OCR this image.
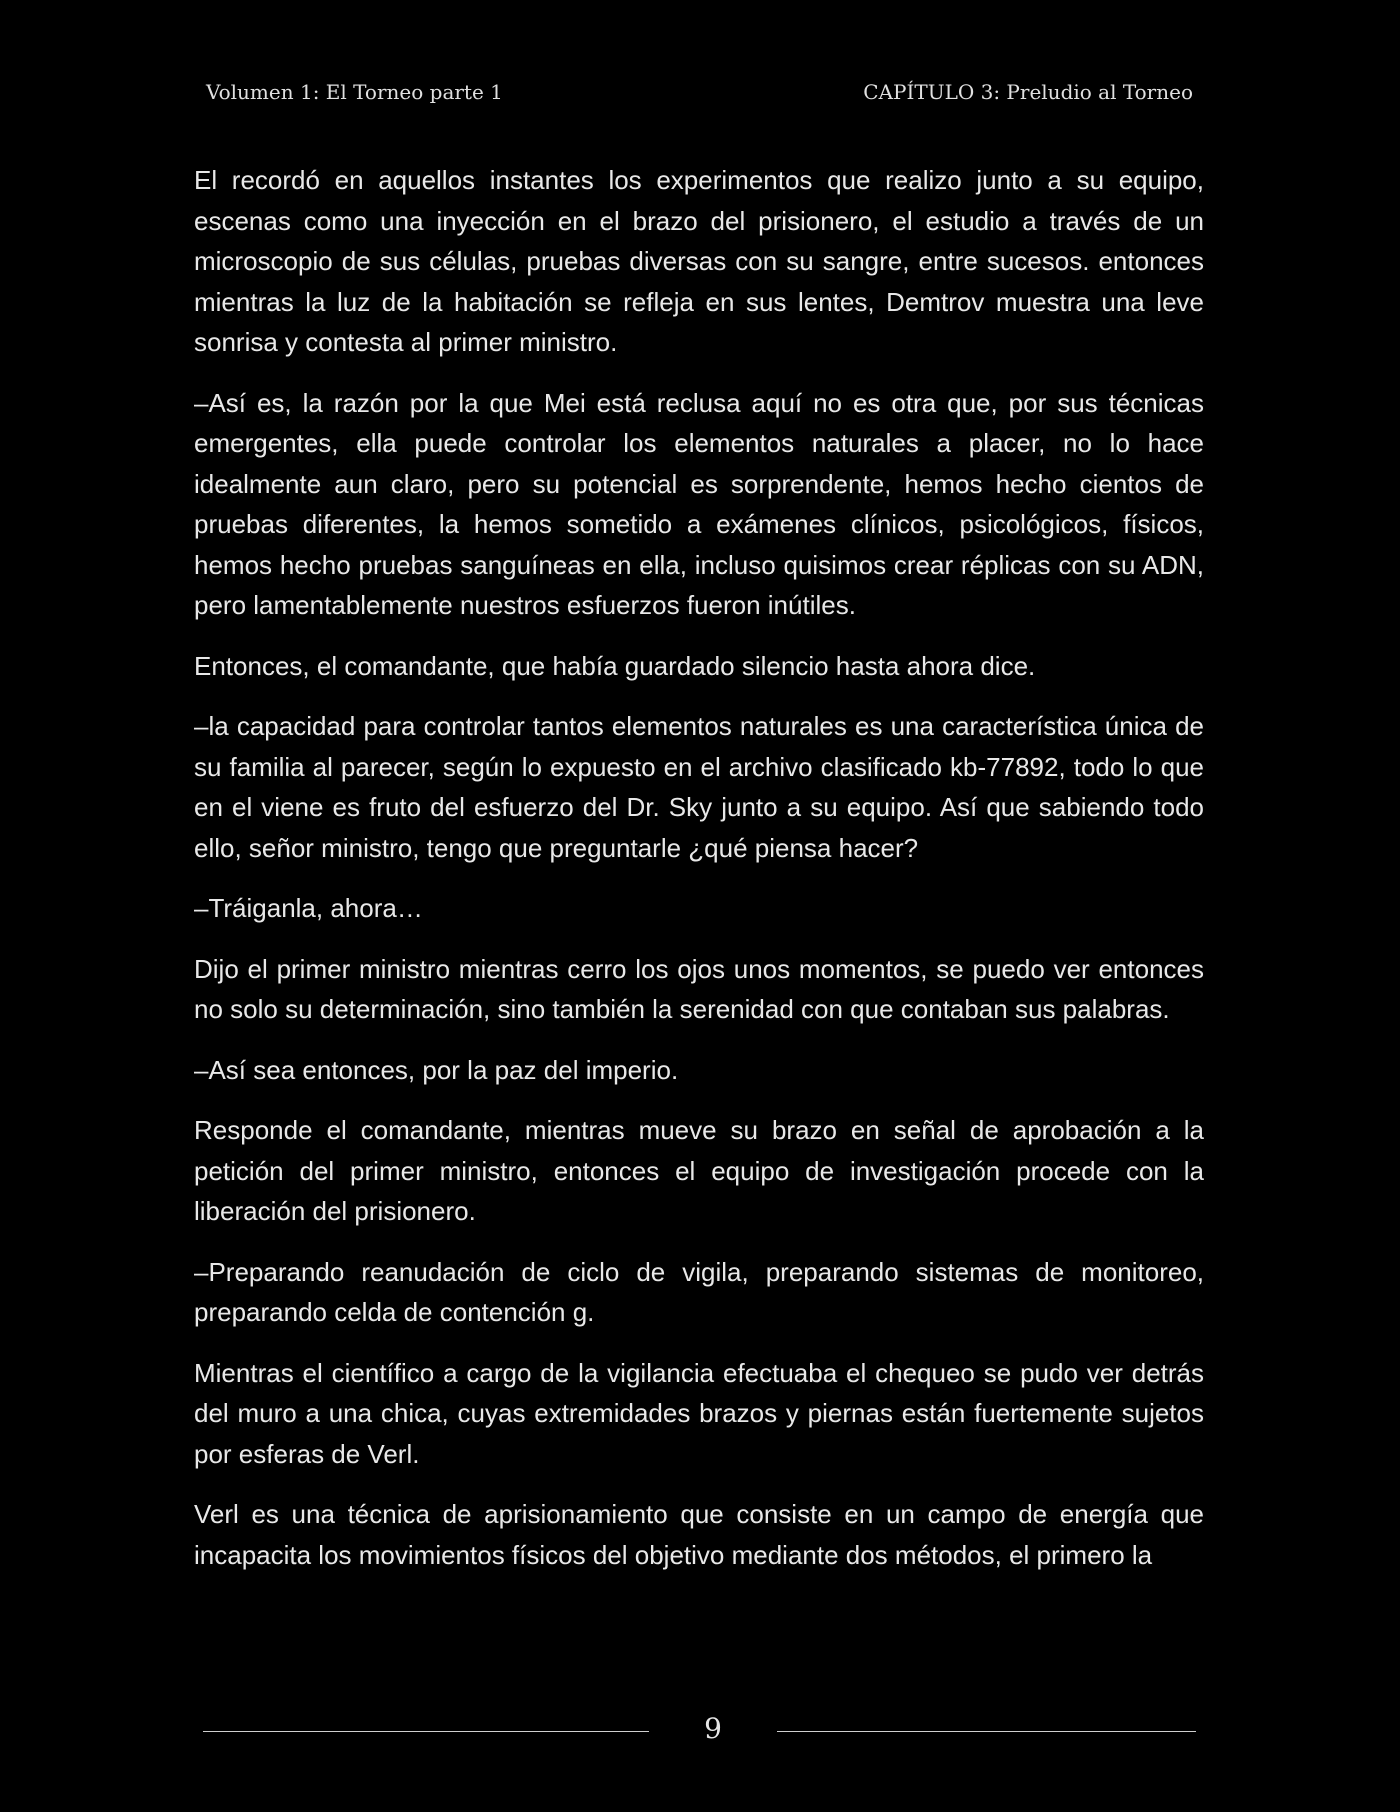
Volumen 1: El Torneo parte 1	CAPÍTULO 3: Preludio al Torneo

El recordó en aquellos instantes los experimentos que realizo junto a su equipo, escenas como una inyección en el brazo del prisionero, el estudio a través de un microscopio de sus células, pruebas diversas con su sangre, entre sucesos. entonces mientras la luz de la habitación se refleja en sus lentes, Demtrov muestra una leve sonrisa y contesta al primer ministro.

–Así es, la razón por la que Mei está reclusa aquí no es otra que, por sus técnicas emergentes, ella puede controlar los elementos naturales a placer, no lo hace idealmente aun claro, pero su potencial es sorprendente, hemos hecho cientos de pruebas diferentes, la hemos sometido a exámenes clínicos, psicológicos, físicos, hemos hecho pruebas sanguíneas en ella, incluso quisimos crear réplicas con su ADN, pero lamentablemente nuestros esfuerzos fueron inútiles.

Entonces, el comandante, que había guardado silencio hasta ahora dice.

–la capacidad para controlar tantos elementos naturales es una característica única de su familia al parecer, según lo expuesto en el archivo clasificado kb-77892, todo lo que en el viene es fruto del esfuerzo del Dr. Sky junto a su equipo. Así que sabiendo todo ello, señor ministro, tengo que preguntarle ¿qué piensa hacer?

–Tráiganla, ahora…

Dijo el primer ministro mientras cerro los ojos unos momentos, se puedo ver entonces no solo su determinación, sino también la serenidad con que contaban sus palabras.

–Así sea entonces, por la paz del imperio.

Responde el comandante, mientras mueve su brazo en señal de aprobación a la petición del primer ministro, entonces el equipo de investigación procede con la liberación del prisionero.

–Preparando reanudación de ciclo de vigila, preparando sistemas de monitoreo, preparando celda de contención g.

Mientras el científico a cargo de la vigilancia efectuaba el chequeo se pudo ver detrás del muro a una chica, cuyas extremidades brazos y piernas están fuertemente sujetos por esferas de Verl.

Verl es una técnica de aprisionamiento que consiste en un campo de energía que incapacita los movimientos físicos del objetivo mediante dos métodos, el primero la

9
